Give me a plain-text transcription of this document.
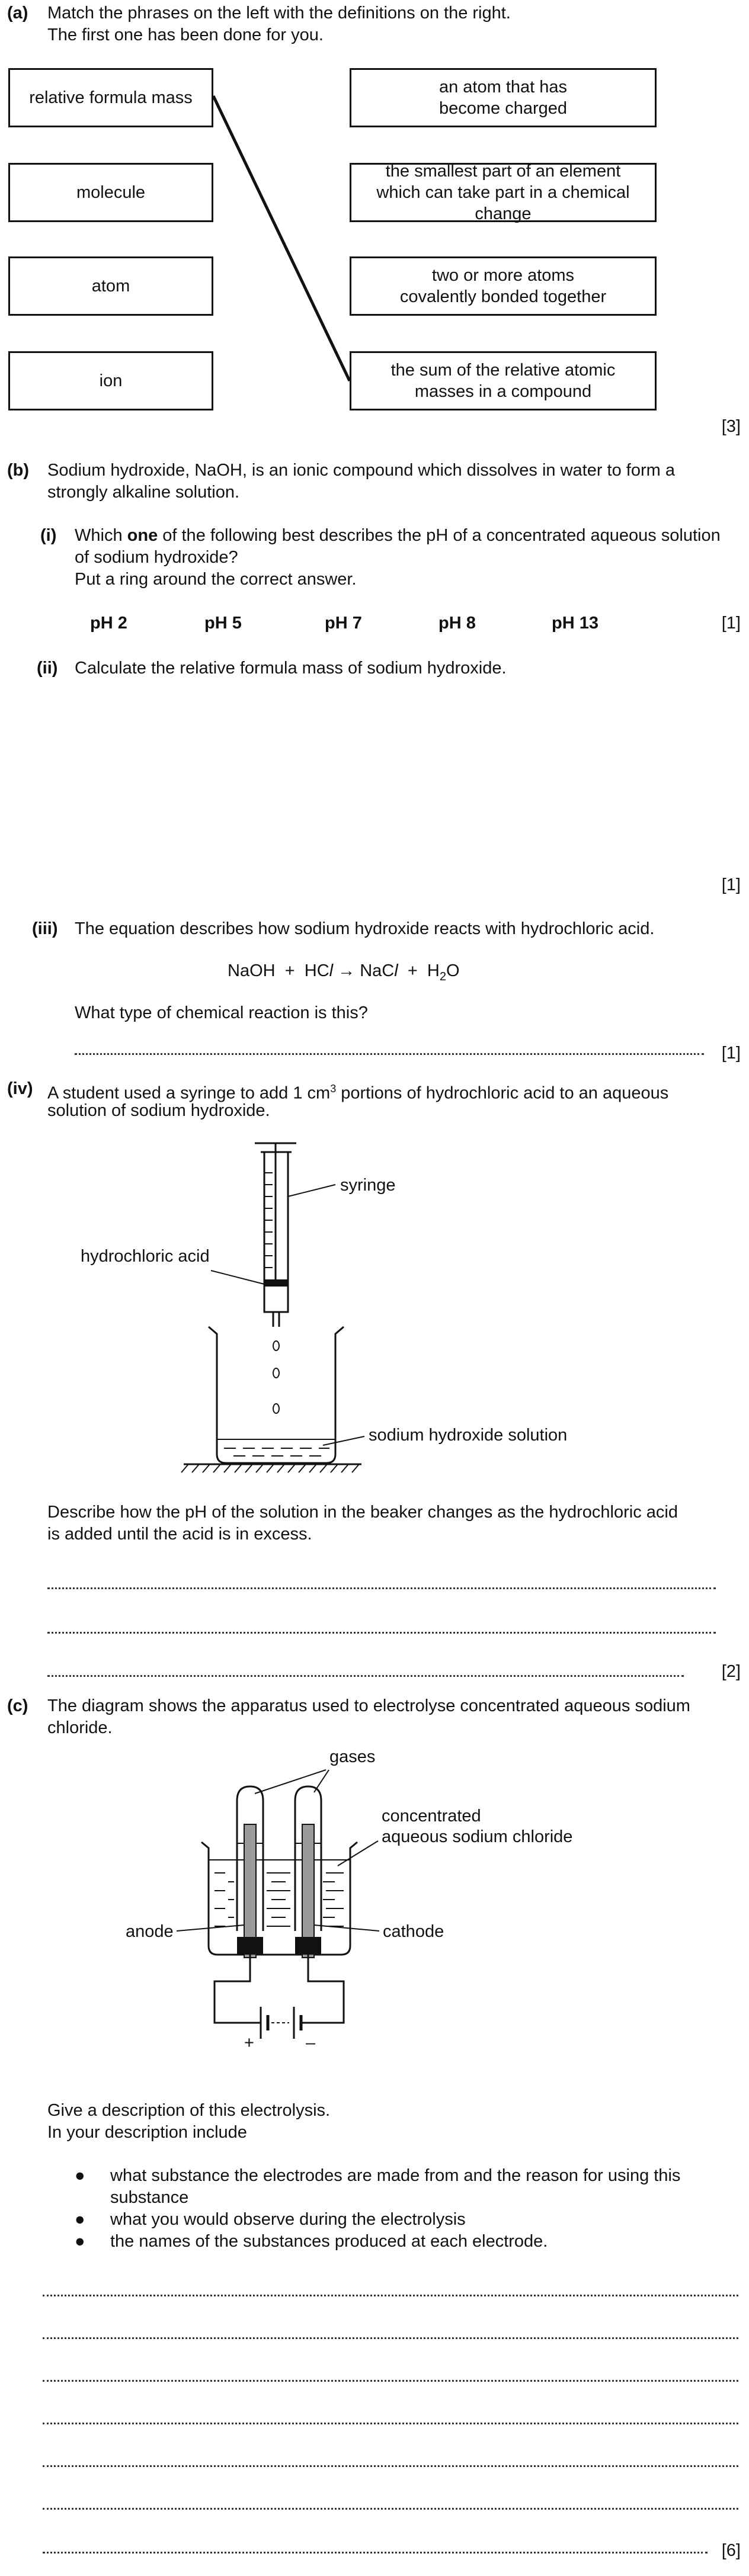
(a) Match the phrases on the left with the definitions on the right.
The first one has been done for you.
relative formula mass
molecule
atom
ion
an atom that has
become charged
the smallest part of an element
which can take part in a chemical change
two or more atoms
covalently bonded together
the sum of the relative atomic
masses in a compound
[3]
(b) Sodium hydroxide, NaOH, is an ionic compound which dissolves in water to form a
strongly alkaline solution.
(i) Which one of the following best describes the pH of a concentrated aqueous solution
of sodium hydroxide?
Put a ring around the correct answer.
pH 2	pH 5	pH 7	pH 8	pH 13	[1]
(ii) Calculate the relative formula mass of sodium hydroxide.
[1]
(iii) The equation describes how sodium hydroxide reacts with hydrochloric acid.
NaOH + HCl → NaCl + $H_2O$
What type of chemical reaction is this?
[1]
(iv) A student used a syringe to add 1 $cm^3$ portions of hydrochloric acid to an aqueous
solution of sodium hydroxide.
syringe
hydrochloric acid
sodium hydroxide solution
Describe how the pH of the solution in the beaker changes as the hydrochloric acid
is added until the acid is in excess.
[2]
(c) The diagram shows the apparatus used to electrolyse concentrated aqueous sodium
chloride.
gases
concentrated
aqueous sodium chloride
anode	cathode
+	–
Give a description of this electrolysis.
In your description include
● what substance the electrodes are made from and the reason for using this
substance
● what you would observe during the electrolysis
● the names of the substances produced at each electrode.
[6]
